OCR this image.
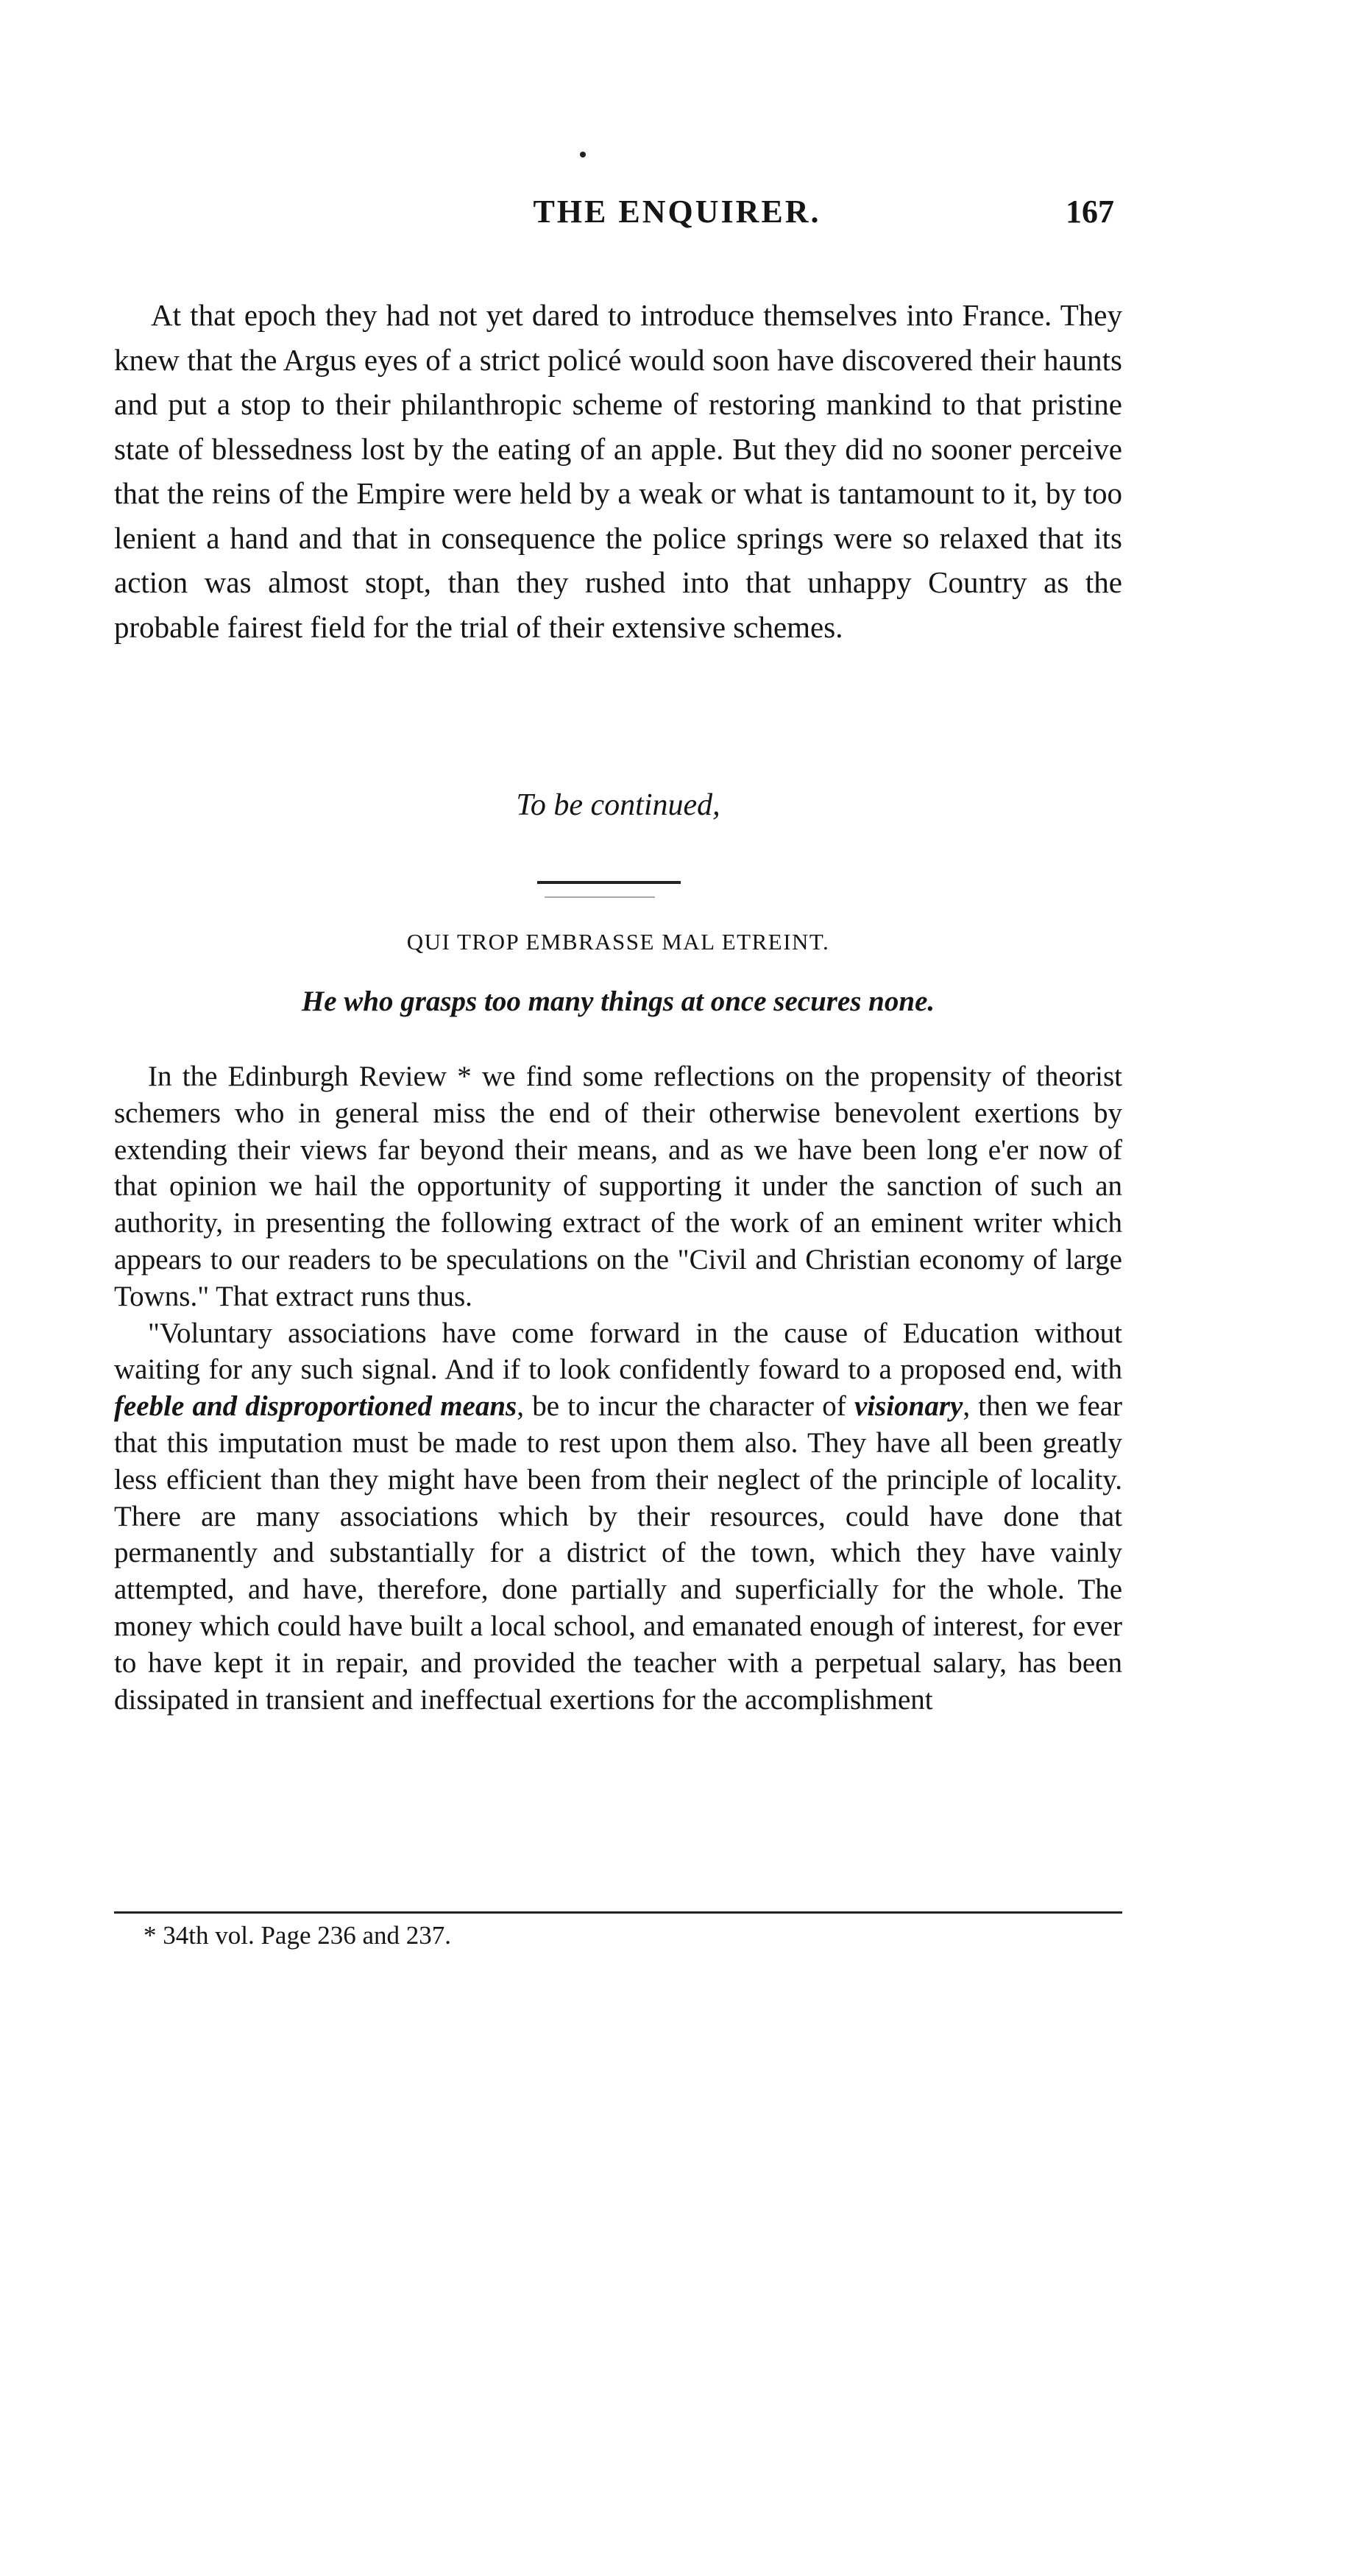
THE ENQUIRER.	167

At that epoch they had not yet dared to introduce themselves into France. They knew that the Argus eyes of a strict policé would soon have discovered their haunts and put a stop to their philanthropic scheme of restoring mankind to that pristine state of blessedness lost by the eating of an apple. But they did no sooner perceive that the reins of the Empire were held by a weak or what is tantamount to it, by too lenient a hand and that in consequence the police springs were so relaxed that its action was almost stopt, than they rushed into that unhappy Country as the probable fairest field for the trial of their extensive schemes.

To be continued,
QUI TROP EMBRASSE MAL ETREINT.
He who grasps too many things at once secures none.

In the Edinburgh Review * we find some reflections on the propensity of theorist schemers who in general miss the end of their otherwise benevolent exertions by extending their views far beyond their means, and as we have been long e'er now of that opinion we hail the opportunity of supporting it under the sanction of such an authority, in presenting the following extract of the work of an eminent writer which appears to our readers to be speculations on the "Civil and Christian economy of large Towns." That extract runs thus.

"Voluntary associations have come forward in the cause of Education without waiting for any such signal. And if to look confidently foward to a proposed end, with feeble and disproportioned means, be to incur the character of visionary, then we fear that this imputation must be made to rest upon them also. They have all been greatly less efficient than they might have been from their neglect of the principle of locality. There are many associations which by their resources, could have done that permanently and substantially for a district of the town, which they have vainly attempted, and have, therefore, done partially and superficially for the whole. The money which could have built a local school, and emanated enough of interest, for ever to have kept it in repair, and provided the teacher with a perpetual salary, has been dissipated in transient and ineffectual exertions for the accomplishment

* 34th vol. Page 236 and 237.
